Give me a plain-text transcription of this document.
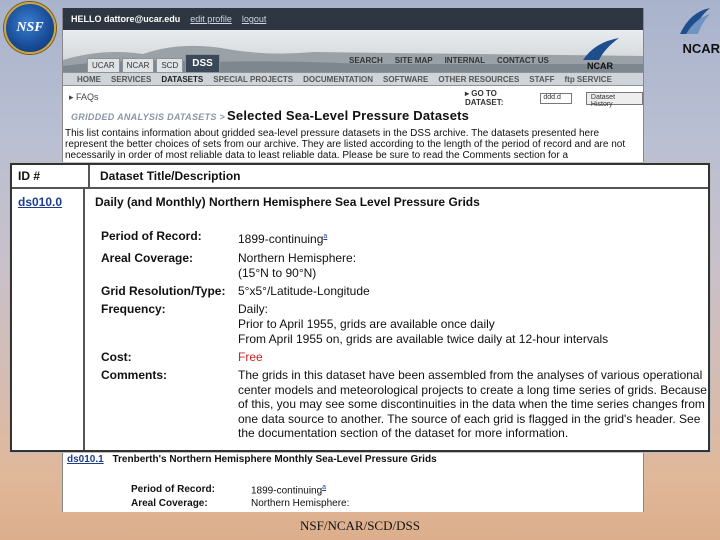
NSF
NCAR
HELLO dattore@ucar.edu edit profile logout
UCAR	NCAR	SCD	DSS	SEARCH SITE MAP INTERNAL CONTACT US
NCAR
HOME SERVICES DATASETS SPECIAL PROJECTS DOCUMENTATION SOFTWARE OTHER RESOURCES STAFF ftp SERVICE
▸ FAQs	▸ GO TO DATASET:
ddd.d	Dataset History
GRIDDED ANALYSIS DATASETS > Selected Sea-Level Pressure Datasets
This list contains information about gridded sea-level pressure datasets in the DSS archive. The datasets presented here represent the better choices of sets from our archive. They are listed according to the length of the period of record and are not necessarily in order of most reliable data to least reliable data. Please be sure to read the Comments section for a
ds010.1 Trenberth's Northern Hemisphere Monthly Sea-Level Pressure Grids
Period of Record:	1899-continuing$^a$
Areal Coverage:	Northern Hemisphere:
ID #	Dataset Title/Description
ds010.0	Daily (and Monthly) Northern Hemisphere Sea Level Pressure Grids
Period of Record:	1899-continuing$^a$
Areal Coverage:	Northern Hemisphere:
(15°N to 90°N)
Grid Resolution/Type:	5°x5°/Latitude-Longitude
Frequency:	Daily:
Prior to April 1955, grids are available once daily
From April 1955 on, grids are available twice daily at 12-hour intervals
Cost:	Free
Comments:	The grids in this dataset have been assembled from the analyses of various operational center models and meteorological projects to create a long time series of grids. Because of this, you may see some discontinuities in the data when the time series changes from one data source to another. The source of each grid is flagged in the grid's header. See the documentation section of the dataset for more information.
NSF/NCAR/SCD/DSS
